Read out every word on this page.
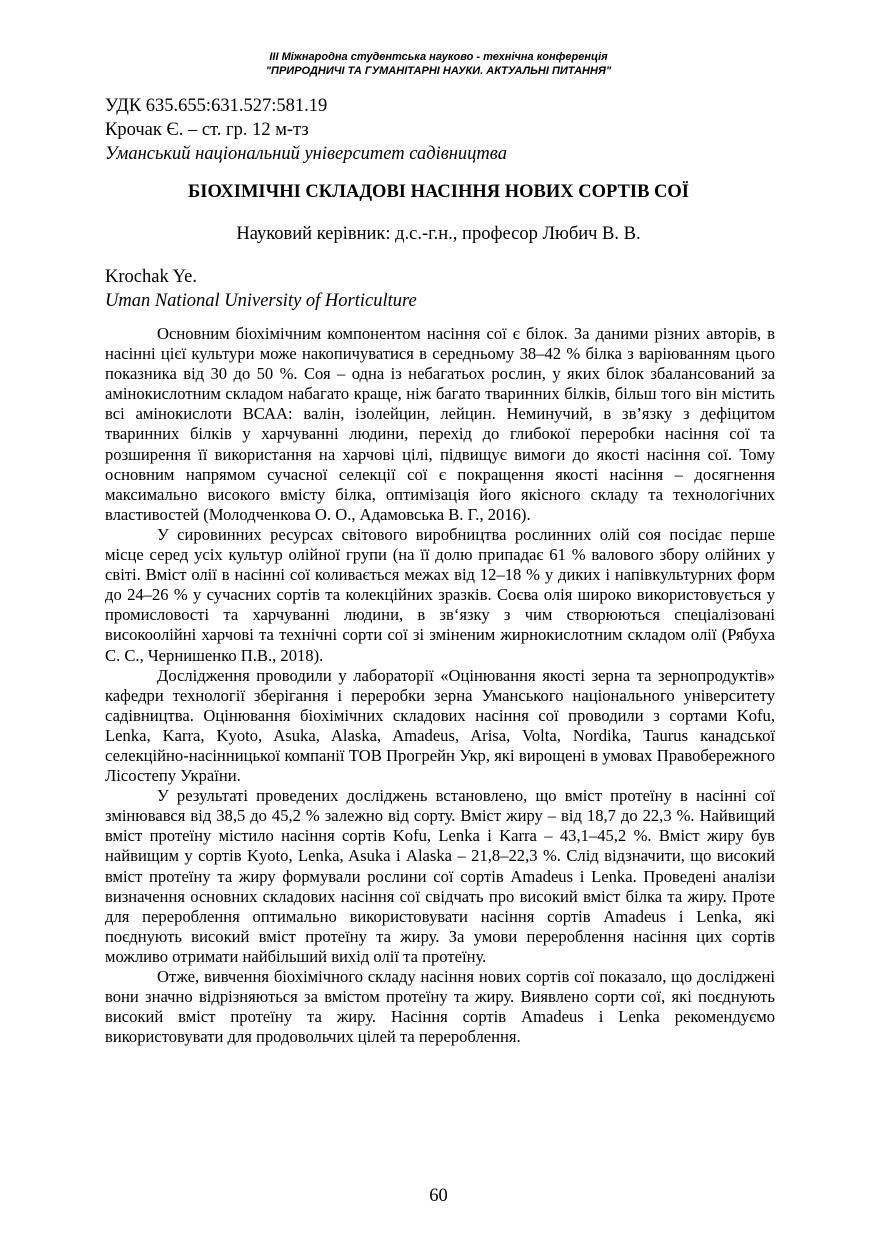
ІІІ Міжнародна студентська науково - технічна конференція
"ПРИРОДНИЧІ ТА ГУМАНІТАРНІ НАУКИ. АКТУАЛЬНІ ПИТАННЯ"
УДК 635.655:631.527:581.19
Крочак Є. – ст. гр. 12 м-тз
Уманський національний університет садівництва
БІОХІМІЧНІ СКЛАДОВІ НАСІННЯ НОВИХ СОРТІВ СОЇ
Науковий керівник: д.с.-г.н., професор Любич В. В.
Krochak Ye.
Uman National University of Horticulture

Основним біохімічним компонентом насіння сої є білок. За даними різних авторів, в насінні цієї культури може накопичуватися в середньому 38–42 % білка з варіюванням цього показника від 30 до 50 %. Соя – одна із небагатьох рослин, у яких білок збалансований за амінокислотним складом набагато краще, ніж багато тваринних білків, більш того він містить всі амінокислоти ВСАА: валін, ізолейцин, лейцин. Неминучий, в зв’язку з дефіцитом тваринних білків у харчуванні людини, перехід до глибокої переробки насіння сої та розширення її використання на харчові цілі, підвищує вимоги до якості насіння сої. Тому основним напрямом сучасної селекції сої є покращення якості насіння – досягнення максимально високого вмісту білка, оптимізація його якісного складу та технологічних властивостей (Молодченкова О. О., Адамовська В. Г., 2016).

У сировинних ресурсах світового виробництва рослинних олій соя посідає перше місце серед усіх культур олійної групи (на її долю припадає 61 % валового збору олійних у світі. Вміст олії в насінні сої коливається межах від 12–18 % у диких і напівкультурних форм до 24–26 % у сучасних сортів та колекційних зразків. Соєва олія широко використовується у промисловості та харчуванні людини, в зв‘язку з чим створюються спеціалізовані високоолійні харчові та технічні сорти сої зі зміненим жирнокислотним складом олії (Рябуха С. С., Чернишенко П.В., 2018).

Дослідження проводили у лабораторії «Оцінювання якості зерна та зернопродуктів» кафедри технології зберігання і переробки зерна Уманського національного університету садівництва. Оцінювання біохімічних складових насіння сої проводили з сортами Kofu, Lenka, Karra, Kyoto, Asuka, Alaska, Amadeus, Arisa, Volta, Nordika, Taurus канадської селекційно-насінницької компанії ТОВ Прогрейн Укр, які вирощені в умовах Правобережного Лісостепу України.

У результаті проведених досліджень встановлено, що вміст протеїну в насінні сої змінювався від 38,5 до 45,2 % залежно від сорту. Вміст жиру – від 18,7 до 22,3 %. Найвищий вміст протеїну містило насіння сортів Kofu, Lenka і Karra – 43,1–45,2 %. Вміст жиру був найвищим у сортів Kyoto, Lenka, Asuka і Alaska – 21,8–22,3 %. Слід відзначити, що високий вміст протеїну та жиру формували рослини сої сортів Amadeus і Lenka. Проведені аналізи визначення основних складових насіння сої свідчать про високий вміст білка та жиру. Проте для перероблення оптимально використовувати насіння сортів Amadeus і Lenka, які поєднують високий вміст протеїну та жиру. За умови перероблення насіння цих сортів можливо отримати найбільший вихід олії та протеїну.

Отже, вивчення біохімічного складу насіння нових сортів сої показало, що досліджені вони значно відрізняються за вмістом протеїну та жиру. Виявлено сорти сої, які поєднують високий вміст протеїну та жиру. Насіння сортів Amadeus і Lenka рекомендуємо використовувати для продовольчих цілей та перероблення.

60
